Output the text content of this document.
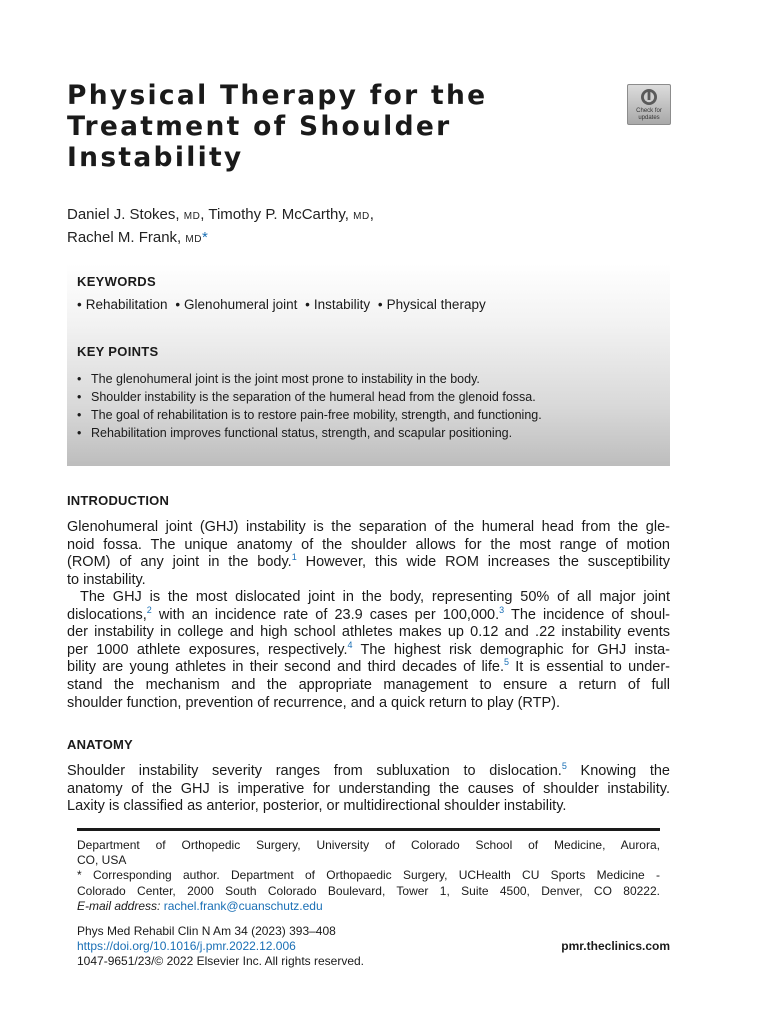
Physical Therapy for the
Treatment of Shoulder
Instability
Check for
updates
Daniel J. Stokes, MD, Timothy P. McCarthy, MD,
Rachel M. Frank, MD*
KEYWORDS
• Rehabilitation • Glenohumeral joint • Instability • Physical therapy
KEY POINTS
• The glenohumeral joint is the joint most prone to instability in the body.
• Shoulder instability is the separation of the humeral head from the glenoid fossa.
• The goal of rehabilitation is to restore pain-free mobility, strength, and functioning.
• Rehabilitation improves functional status, strength, and scapular positioning.
INTRODUCTION
Glenohumeral joint (GHJ) instability is the separation of the humeral head from the gle-
noid fossa. The unique anatomy of the shoulder allows for the most range of motion
(ROM) of any joint in the body.$^1$ However, this wide ROM increases the susceptibility
to instability.
The GHJ is the most dislocated joint in the body, representing 50% of all major joint
dislocations,$^2$ with an incidence rate of 23.9 cases per 100,000.$^3$ The incidence of shoul-
der instability in college and high school athletes makes up 0.12 and .22 instability events
per 1000 athlete exposures, respectively.$^4$ The highest risk demographic for GHJ insta-
bility are young athletes in their second and third decades of life.$^5$ It is essential to under-
stand the mechanism and the appropriate management to ensure a return of full
shoulder function, prevention of recurrence, and a quick return to play (RTP).
ANATOMY
Shoulder instability severity ranges from subluxation to dislocation.$^5$ Knowing the
anatomy of the GHJ is imperative for understanding the causes of shoulder instability.
Laxity is classified as anterior, posterior, or multidirectional shoulder instability.
Department of Orthopedic Surgery, University of Colorado School of Medicine, Aurora,
CO, USA
* Corresponding author. Department of Orthopaedic Surgery, UCHealth CU Sports Medicine -
Colorado Center, 2000 South Colorado Boulevard, Tower 1, Suite 4500, Denver, CO 80222.
E-mail address: rachel.frank@cuanschutz.edu
Phys Med Rehabil Clin N Am 34 (2023) 393–408
https://doi.org/10.1016/j.pmr.2022.12.006
1047-9651/23/© 2022 Elsevier Inc. All rights reserved.
pmr.theclinics.com
